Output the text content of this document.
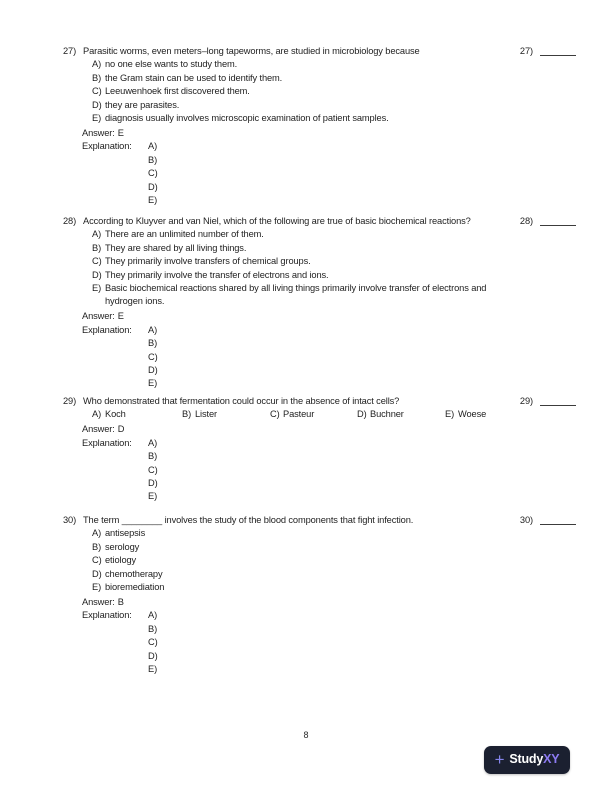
27) Parasitic worms, even meters–long tapeworms, are studied in microbiology because	27)
A) no one else wants to study them.
B) the Gram stain can be used to identify them.
C) Leeuwenhoek first discovered them.
D) they are parasites.
E) diagnosis usually involves microscopic examination of patient samples.
Answer: E
Explanation:	A)
B)
C)
D)
E)
28) According to Kluyver and van Niel, which of the following are true of basic biochemical reactions?	28)
A) There are an unlimited number of them.
B) They are shared by all living things.
C) They primarily involve transfers of chemical groups.
D) They primarily involve the transfer of electrons and ions.
E) Basic biochemical reactions shared by all living things primarily involve transfer of electrons and hydrogen ions.
Answer: E
Explanation:	A)
B)
C)
D)
E)
29) Who demonstrated that fermentation could occur in the absence of intact cells?	29)
A) Koch	B) Lister	C) Pasteur	D) Buchner	E) Woese
Answer: D
Explanation:	A)
B)
C)
D)
E)
30) The term ________ involves the study of the blood components that fight infection.	30)
A) antisepsis
B) serology
C) etiology
D) chemotherapy
E) bioremediation
Answer: B
Explanation:	A)
B)
C)
D)
E)
8
+ StudyXY
